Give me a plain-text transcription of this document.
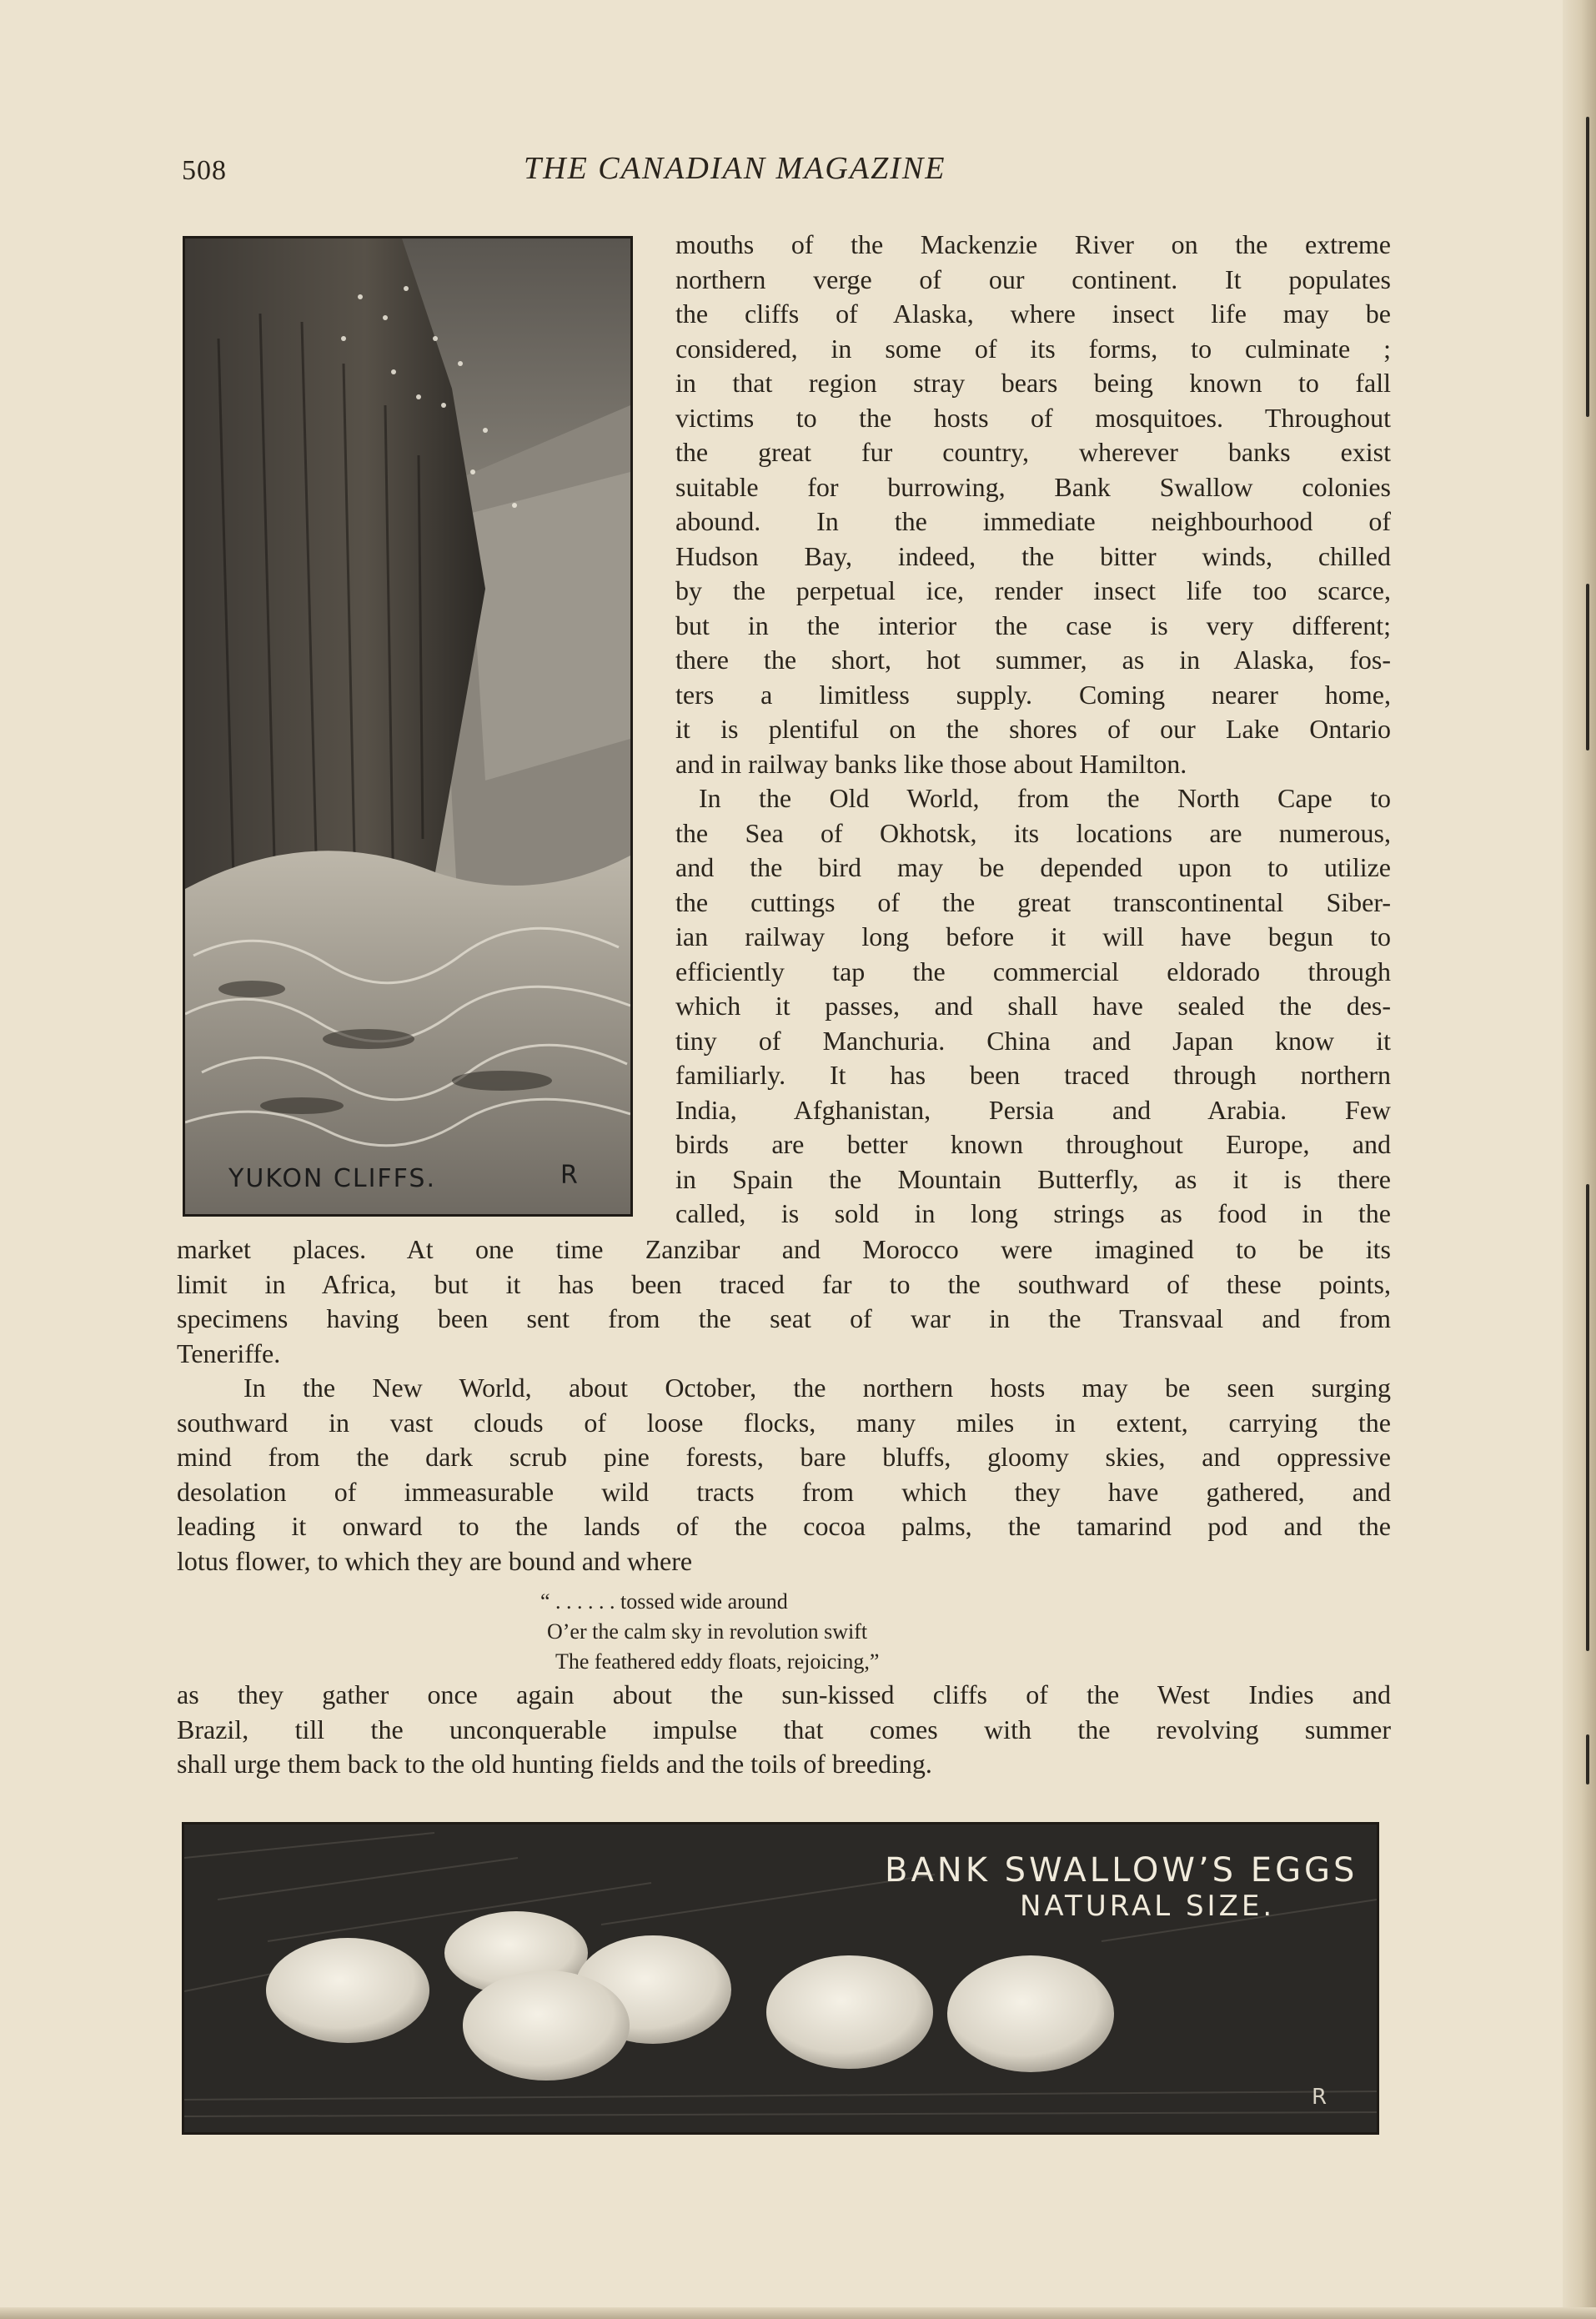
508	THE CANADIAN MAGAZINE
YUKON CLIFFS.	R

mouths of the Mackenzie River on the extreme

northern verge of our continent. It populates

the cliffs of Alaska, where insect life may be

considered, in some of its forms, to culminate ;

in that region stray bears being known to fall

victims to the hosts of mosquitoes. Throughout

the great fur country, wherever banks exist

suitable for burrowing, Bank Swallow colonies

abound. In the immediate neighbourhood of

Hudson Bay, indeed, the bitter winds, chilled

by the perpetual ice, render insect life too scarce,

but in the interior the case is very different;

there the short, hot summer, as in Alaska, fos-

ters a limitless supply. Coming nearer home,

it is plentiful on the shores of our Lake Ontario

and in railway banks like those about Hamilton.

In the Old World, from the North Cape to

the Sea of Okhotsk, its locations are numerous,

and the bird may be depended upon to utilize

the cuttings of the great transcontinental Siber-

ian railway long before it will have begun to

efficiently tap the commercial eldorado through

which it passes, and shall have sealed the des-

tiny of Manchuria. China and Japan know it

familiarly. It has been traced through northern

India, Afghanistan, Persia and Arabia. Few

birds are better known throughout Europe, and

in Spain the Mountain Butterfly, as it is there

called, is sold in long strings as food in the

market places. At one time Zanzibar and Morocco were imagined to be its

limit in Africa, but it has been traced far to the southward of these points,

specimens having been sent from the seat of war in the Transvaal and from

Teneriffe.

In the New World, about October, the northern hosts may be seen surging

southward in vast clouds of loose flocks, many miles in extent, carrying the

mind from the dark scrub pine forests, bare bluffs, gloomy skies, and oppressive

desolation of immeasurable wild tracts from which they have gathered, and

leading it onward to the lands of the cocoa palms, the tamarind pod and the

lotus flower, to which they are bound and where

“ . . . . . . tossed wide around

O’er the calm sky in revolution swift

The feathered eddy floats, rejoicing,”

as they gather once again about the sun-kissed cliffs of the West Indies and

Brazil, till the unconquerable impulse that comes with the revolving summer

shall urge them back to the old hunting fields and the toils of breeding.

BANK SWALLOW’S EGGS
NATURAL SIZE.
R
